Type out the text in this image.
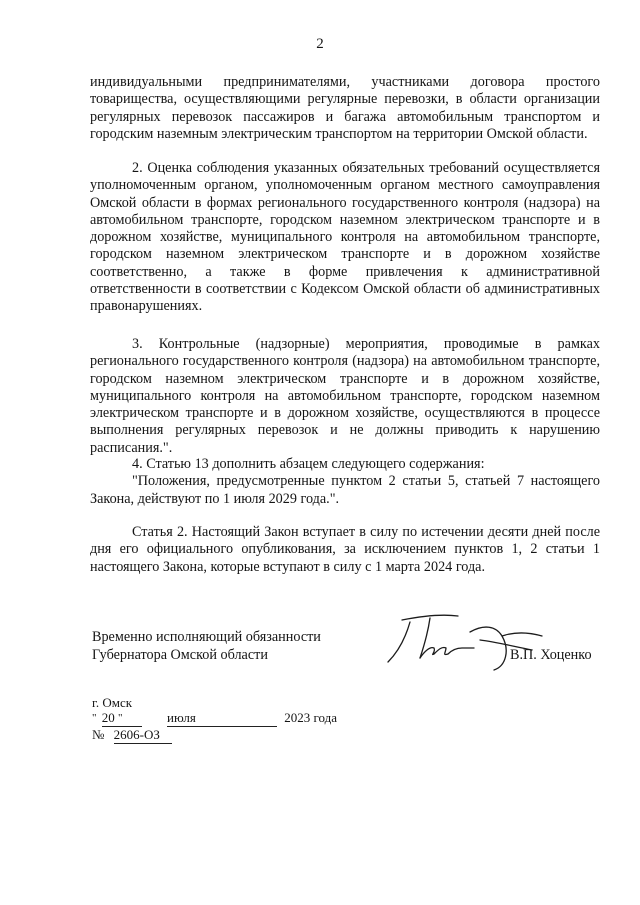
2

индивидуальными предпринимателями, участниками договора простого товарищества, осуществляющими регулярные перевозки, в области организации регулярных перевозок пассажиров и багажа автомобильным транспортом и городским наземным электрическим транспортом на территории Омской области.

2. Оценка соблюдения указанных обязательных требований осуществляется уполномоченным органом, уполномоченным органом местного самоуправления Омской области в формах регионального государственного контроля (надзора) на автомобильном транспорте, городском наземном электрическом транспорте и в дорожном хозяйстве, муниципального контроля на автомобильном транспорте, городском наземном электрическом транспорте и в дорожном хозяйстве соответственно, а также в форме привлечения к административной ответственности в соответствии с Кодексом Омской области об административных правонарушениях.

3. Контрольные (надзорные) мероприятия, проводимые в рамках регионального государственного контроля (надзора) на автомобильном транспорте, городском наземном электрическом транспорте и в дорожном хозяйстве, муниципального контроля на автомобильном транспорте, городском наземном электрическом транспорте и в дорожном хозяйстве, осуществляются в процессе выполнения регулярных перевозок и не должны приводить к нарушению расписания.".

4. Статью 13 дополнить абзацем следующего содержания:

"Положения, предусмотренные пунктом 2 статьи 5, статьей 7 настоящего Закона, действуют по 1 июля 2029 года.".

Статья 2. Настоящий Закон вступает в силу по истечении десяти дней после дня его официального опубликования, за исключением пунктов 1, 2 статьи 1 настоящего Закона, которые вступают в силу с 1 марта 2024 года.

Временно исполняющий обязанности
Губернатора Омской области	В.П. Хоценко
г. Омск
" 20 "	июля	2023 года
№ 2606-ОЗ
